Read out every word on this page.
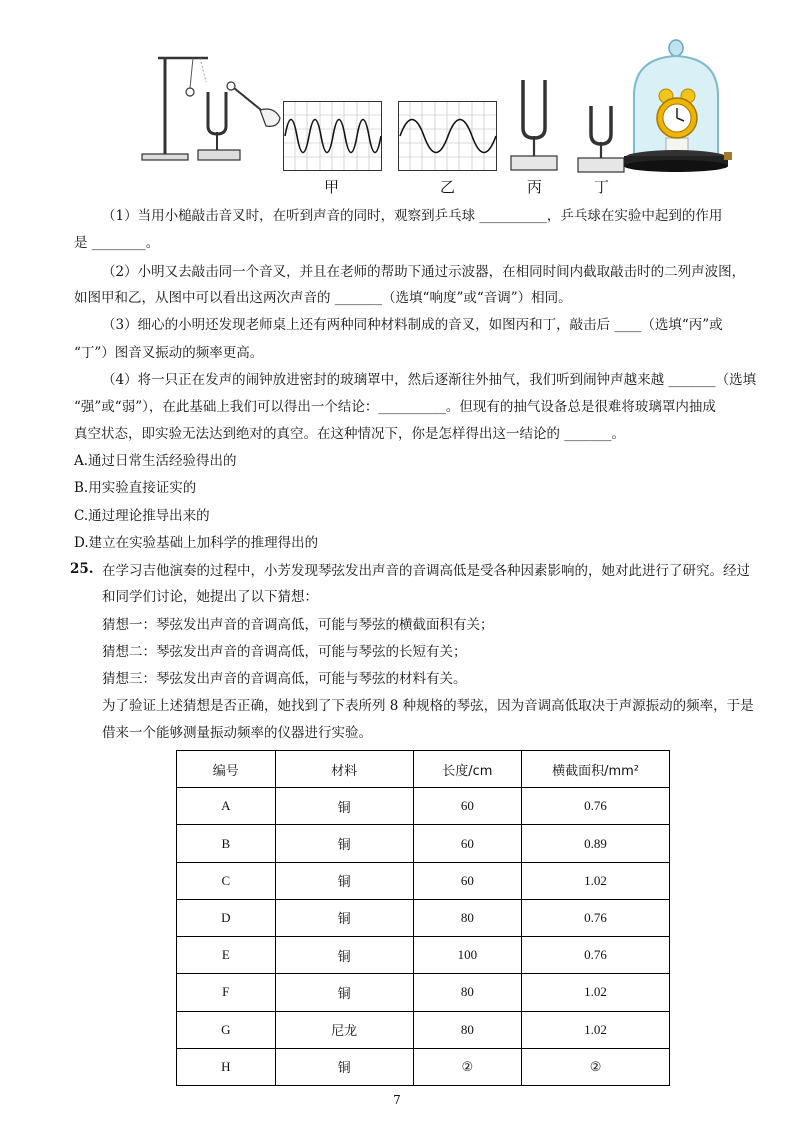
甲	乙	丙	丁
（1）当用小槌敲击音叉时，在听到声音的同时，观察到乒乓球 __________，乒乓球在实验中起到的作用
是 ________。
（2）小明又去敲击同一个音叉，并且在老师的帮助下通过示波器，在相同时间内截取敲击时的二列声波图，
如图甲和乙，从图中可以看出这两次声音的 _______（选填“响度”或“音调”）相同。
（3）细心的小明还发现老师桌上还有两种同种材料制成的音叉，如图丙和丁，敲击后 ____（选填“丙”或
“丁”）图音叉振动的频率更高。
（4）将一只正在发声的闹钟放进密封的玻璃罩中，然后逐渐往外抽气，我们听到闹钟声越来越 _______（选填
“强”或“弱”），在此基础上我们可以得出一个结论：__________。但现有的抽气设备总是很难将玻璃罩内抽成
真空状态，即实验无法达到绝对的真空。在这种情况下，你是怎样得出这一结论的 _______。
A.通过日常生活经验得出的
B.用实验直接证实的
C.通过理论推导出来的
D.建立在实验基础上加科学的推理得出的
25. 在学习吉他演奏的过程中，小芳发现琴弦发出声音的音调高低是受各种因素影响的，她对此进行了研究。经过
和同学们讨论，她提出了以下猜想：
猜想一：琴弦发出声音的音调高低，可能与琴弦的横截面积有关；
猜想二：琴弦发出声音的音调高低，可能与琴弦的长短有关；
猜想三：琴弦发出声音的音调高低，可能与琴弦的材料有关。
为了验证上述猜想是否正确，她找到了下表所列 8 种规格的琴弦，因为音调高低取决于声源振动的频率，于是
借来一个能够测量振动频率的仪器进行实验。
编号	材料	长度/cm	横截面积/mm²
A	铜	60	0.76
B	铜	60	0.89
C	铜	60	1.02
D	铜	80	0.76
E	铜	100	0.76
F	铜	80	1.02
G	尼龙	80	1.02
H	铜	②	②
7
